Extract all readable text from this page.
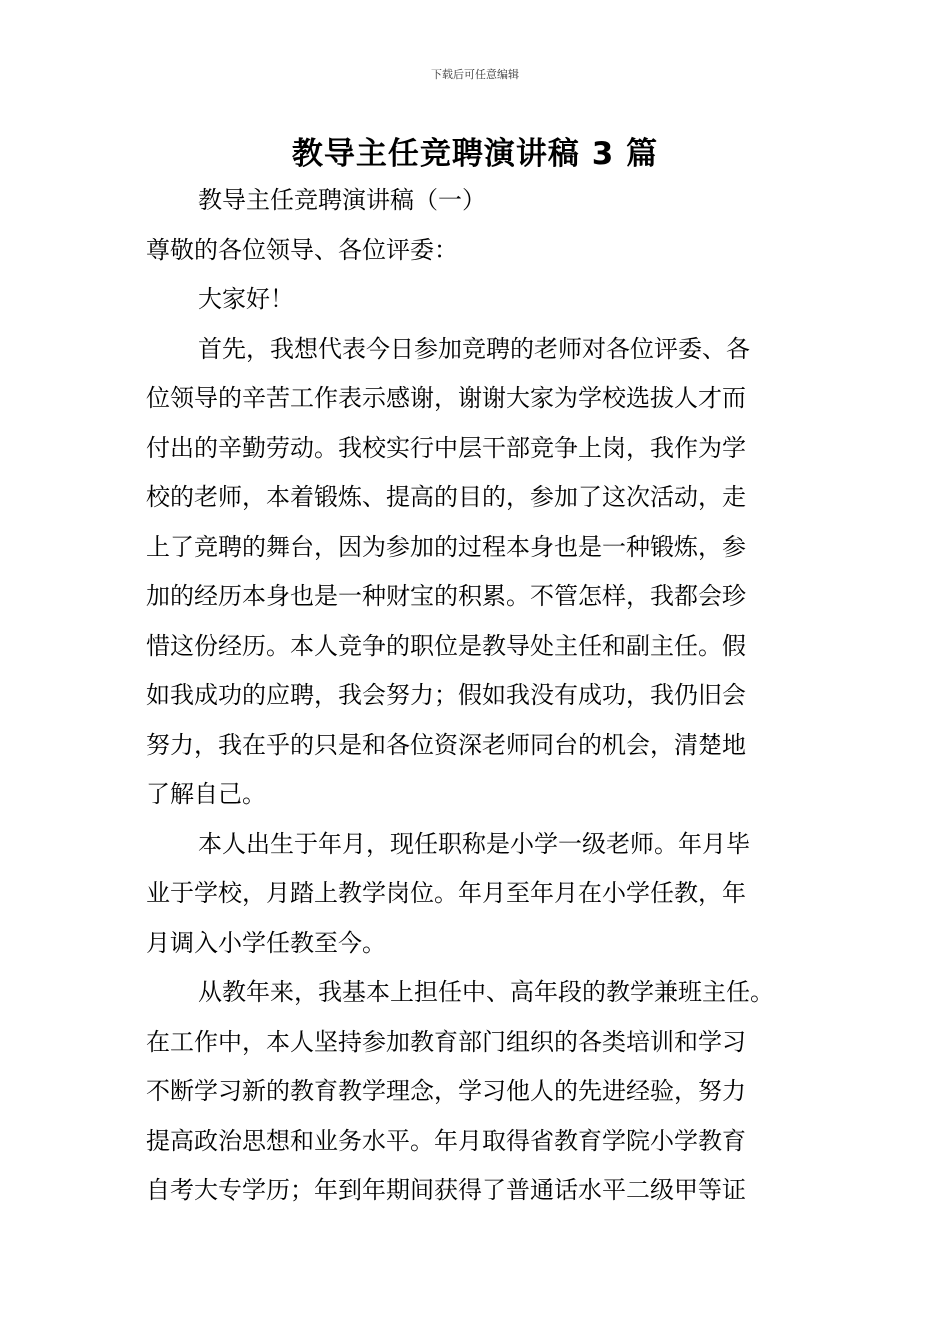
下载后可任意编辑
教导主任竞聘演讲稿 3 篇
教导主任竞聘演讲稿（一）
尊敬的各位领导、各位评委：
大家好！
首先，我想代表今日参加竞聘的老师对各位评委、各
位领导的辛苦工作表示感谢，谢谢大家为学校选拔人才而
付出的辛勤劳动。我校实行中层干部竞争上岗，我作为学
校的老师，本着锻炼、提高的目的，参加了这次活动，走
上了竞聘的舞台，因为参加的过程本身也是一种锻炼，参
加的经历本身也是一种财宝的积累。不管怎样，我都会珍
惜这份经历。本人竞争的职位是教导处主任和副主任。假
如我成功的应聘，我会努力；假如我没有成功，我仍旧会
努力，我在乎的只是和各位资深老师同台的机会，清楚地
了解自己。
本人出生于年月，现任职称是小学一级老师。年月毕
业于学校，月踏上教学岗位。年月至年月在小学任教，年
月调入小学任教至今。
从教年来，我基本上担任中、高年段的教学兼班主任。
在工作中，本人坚持参加教育部门组织的各类培训和学习
不断学习新的教育教学理念，学习他人的先进经验，努力
提高政治思想和业务水平。年月取得省教育学院小学教育
自考大专学历；年到年期间获得了普通话水平二级甲等证
